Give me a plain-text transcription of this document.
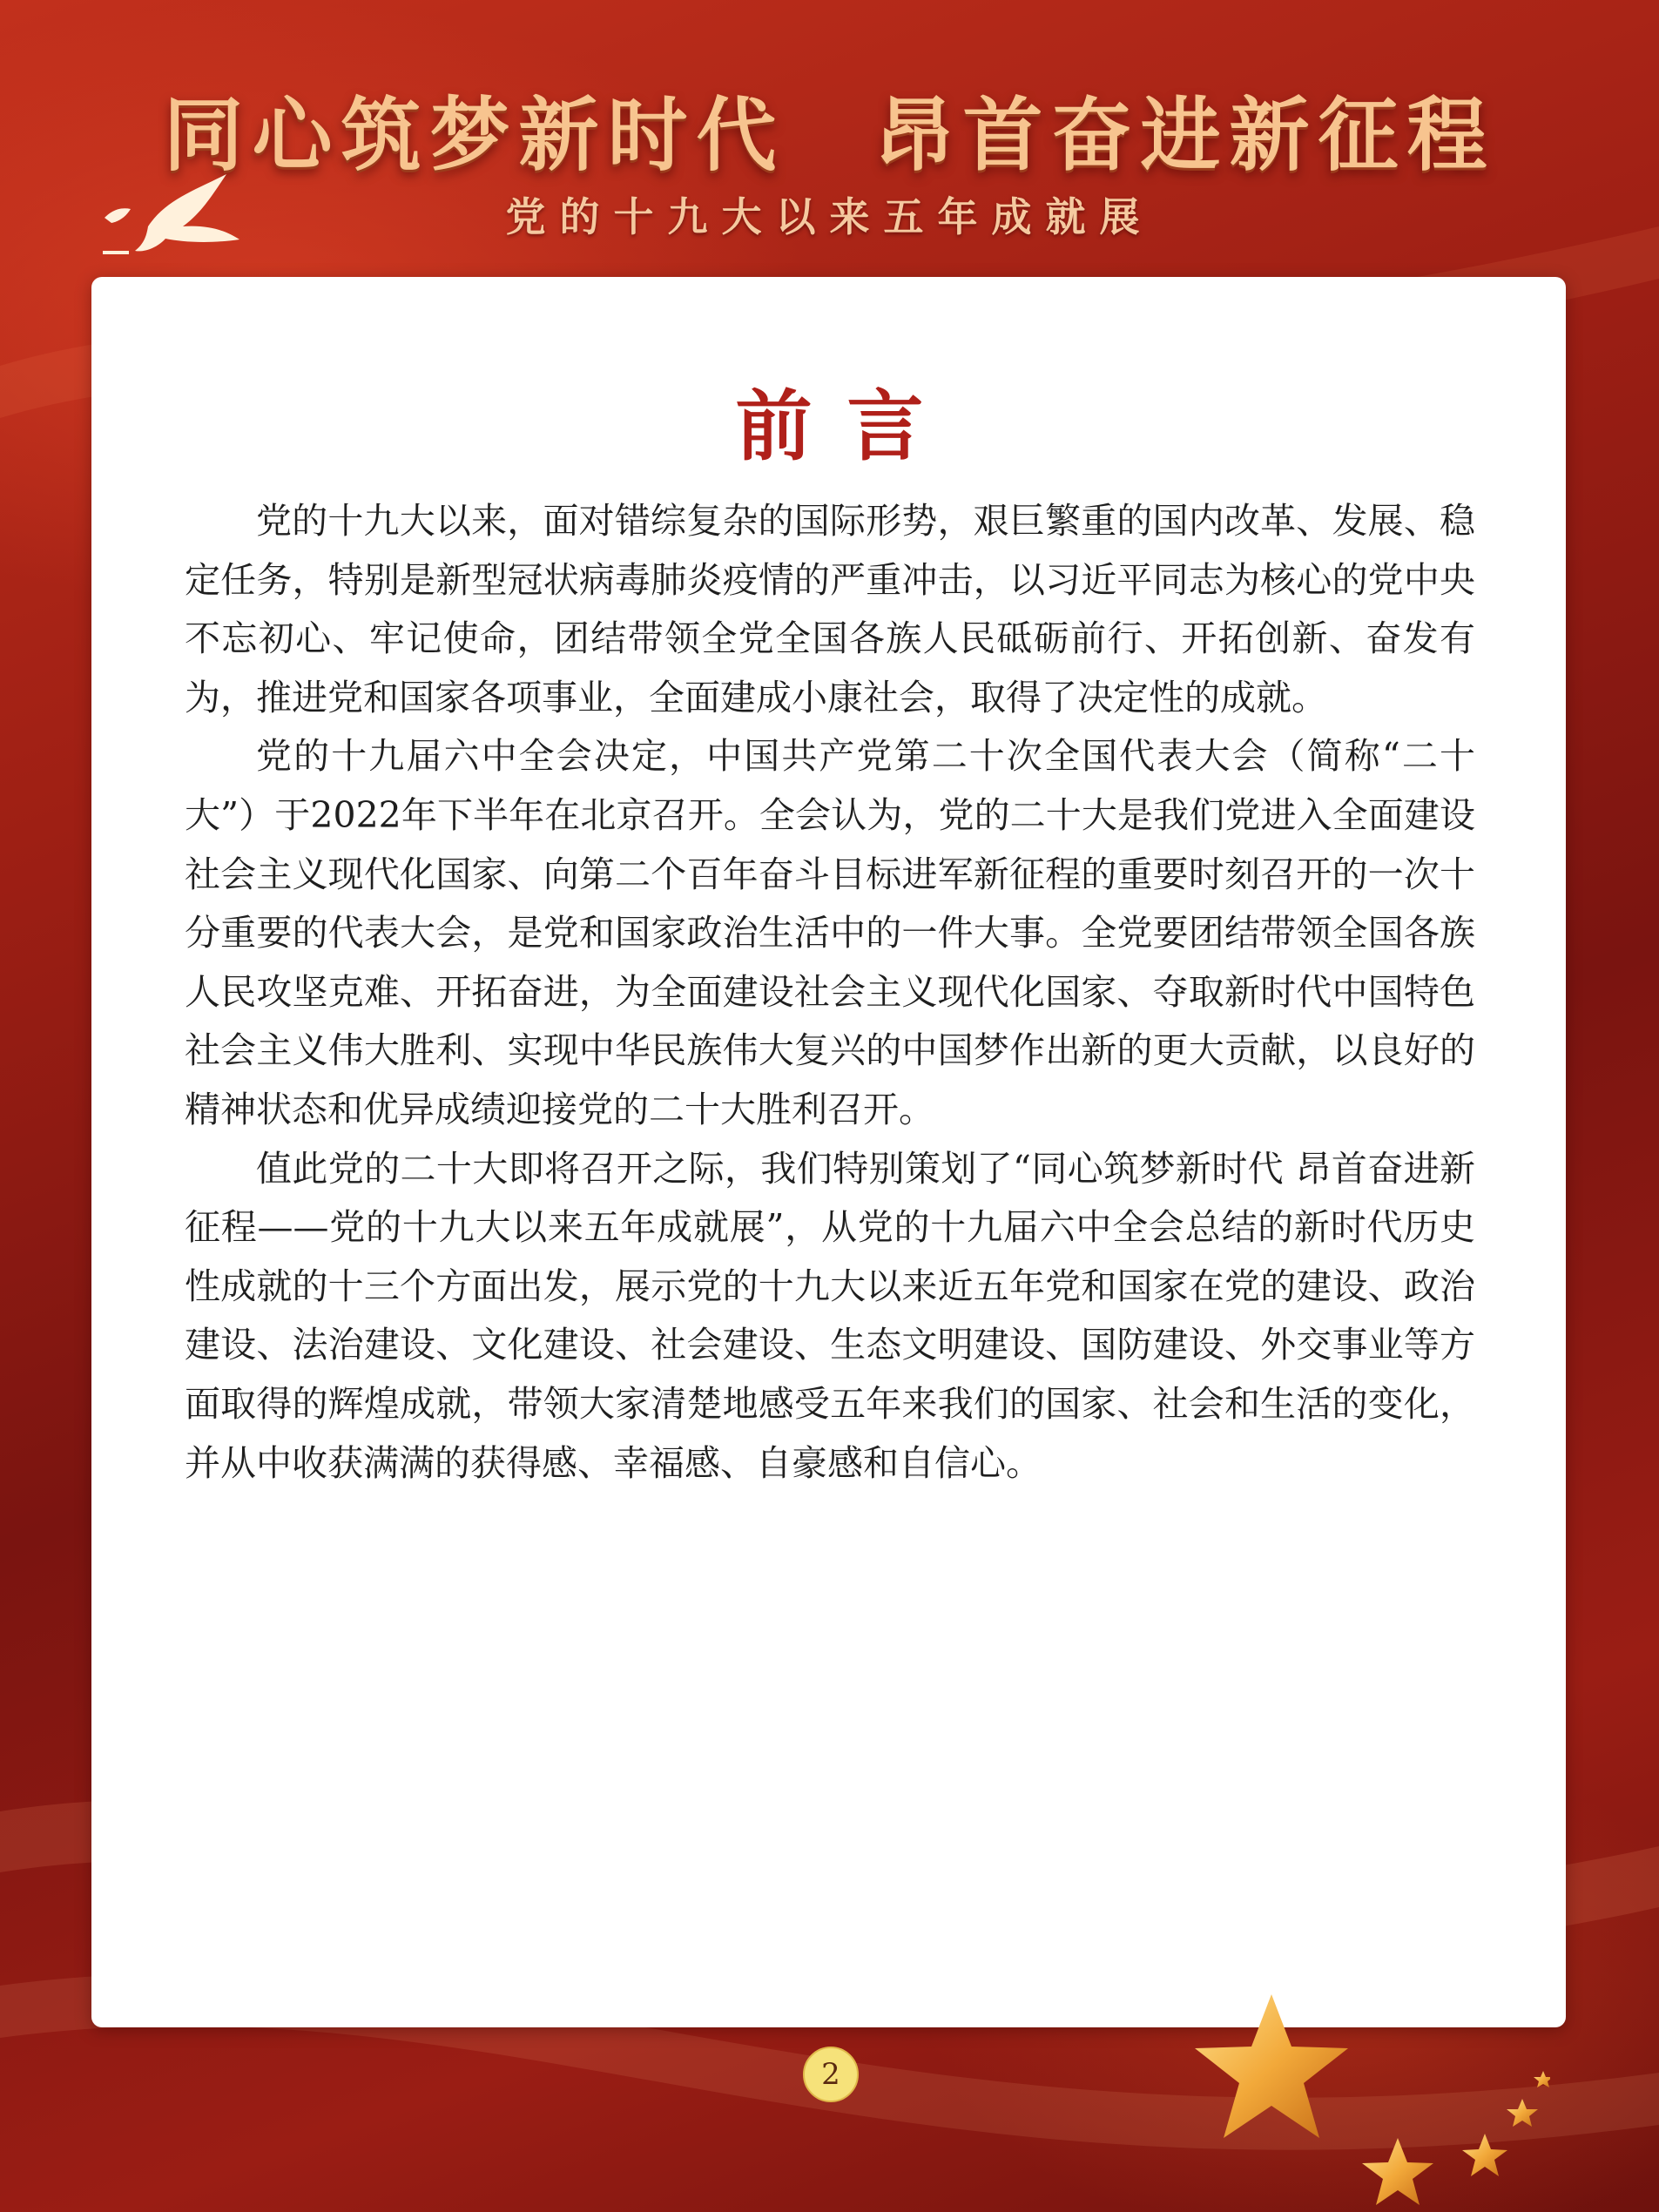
同心筑梦新时代　昂首奋进新征程
党的十九大以来五年成就展
前言

党的十九大以来，面对错综复杂的国际形势，艰巨繁重的国内改革、发展、稳定任务，特别是新型冠状病毒肺炎疫情的严重冲击，以习近平同志为核心的党中央不忘初心、牢记使命，团结带领全党全国各族人民砥砺前行、开拓创新、奋发有为，推进党和国家各项事业，全面建成小康社会，取得了决定性的成就。

党的十九届六中全会决定，中国共产党第二十次全国代表大会（简称“二十大”）于2022年下半年在北京召开。全会认为，党的二十大是我们党进入全面建设社会主义现代化国家、向第二个百年奋斗目标进军新征程的重要时刻召开的一次十分重要的代表大会，是党和国家政治生活中的一件大事。全党要团结带领全国各族人民攻坚克难、开拓奋进，为全面建设社会主义现代化国家、夺取新时代中国特色社会主义伟大胜利、实现中华民族伟大复兴的中国梦作出新的更大贡献，以良好的精神状态和优异成绩迎接党的二十大胜利召开。

值此党的二十大即将召开之际，我们特别策划了“同心筑梦新时代 昂首奋进新征程——党的十九大以来五年成就展”，从党的十九届六中全会总结的新时代历史性成就的十三个方面出发，展示党的十九大以来近五年党和国家在党的建设、政治建设、法治建设、文化建设、社会建设、生态文明建设、国防建设、外交事业等方面取得的辉煌成就，带领大家清楚地感受五年来我们的国家、社会和生活的变化，并从中收获满满的获得感、幸福感、自豪感和自信心。

2
